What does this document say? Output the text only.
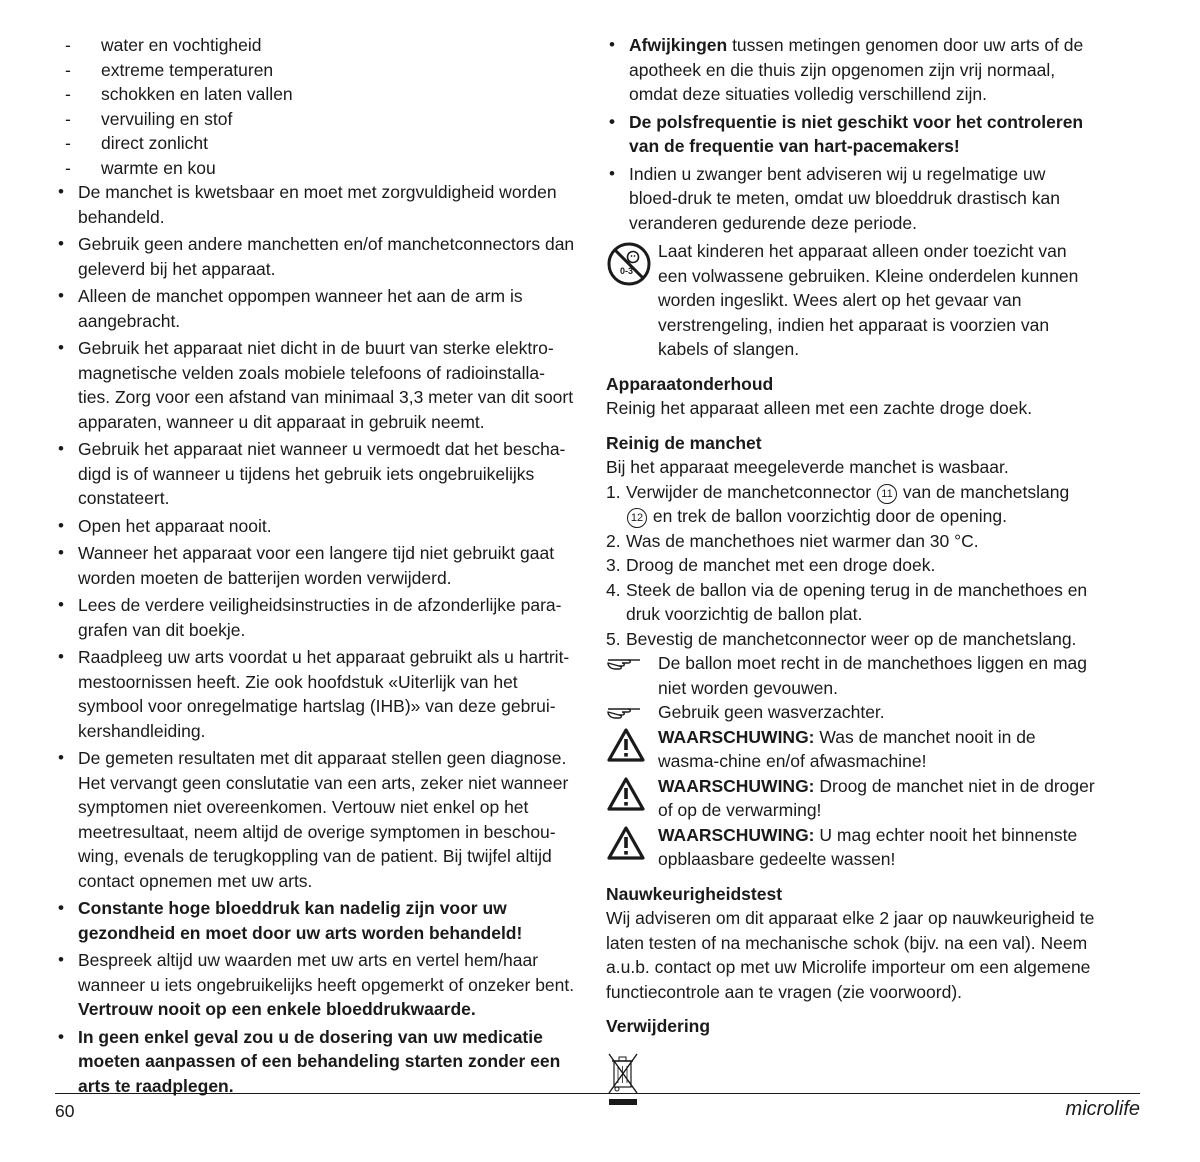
- water en vochtigheid
- extreme temperaturen
- schokken en laten vallen
- vervuiling en stof
- direct zonlicht
- warmte en kou
• De manchet is kwetsbaar en moet met zorgvuldigheid worden behandeld.
• Gebruik geen andere manchetten en/of manchetconnectors dan geleverd bij het apparaat.
• Alleen de manchet oppompen wanneer het aan de arm is aangebracht.
• Gebruik het apparaat niet dicht in de buurt van sterke elektro-magnetische velden zoals mobiele telefoons of radioinstalla-ties. Zorg voor een afstand van minimaal 3,3 meter van dit soort apparaten, wanneer u dit apparaat in gebruik neemt.
• Gebruik het apparaat niet wanneer u vermoedt dat het bescha-digd is of wanneer u tijdens het gebruik iets ongebruikelijks constateert.
• Open het apparaat nooit.
• Wanneer het apparaat voor een langere tijd niet gebruikt gaat worden moeten de batterijen worden verwijderd.
• Lees de verdere veiligheidsinstructies in de afzonderlijke para-grafen van dit boekje.
• Raadpleeg uw arts voordat u het apparaat gebruikt als u hartrit-mestoornissen heeft. Zie ook hoofdstuk «Uiterlijk van het symbool voor onregelmatige hartslag (IHB)» van deze gebrui-kershandleiding.
• De gemeten resultaten met dit apparaat stellen geen diagnose. Het vervangt geen conslutatie van een arts, zeker niet wanneer symptomen niet overeenkomen. Vertouw niet enkel op het meetresultaat, neem altijd de overige symptomen in beschou-wing, evenals de terugkoppling van de patient. Bij twijfel altijd contact opnemen met uw arts.
• Constante hoge bloeddruk kan nadelig zijn voor uw gezondheid en moet door uw arts worden behandeld!
• Bespreek altijd uw waarden met uw arts en vertel hem/haar wanneer u iets ongebruikelijks heeft opgemerkt of onzeker bent. Vertrouw nooit op een enkele bloeddrukwaarde.
• In geen enkel geval zou u de dosering van uw medicatie moeten aanpassen of een behandeling starten zonder een arts te raadplegen.
• Afwijkingen tussen metingen genomen door uw arts of de apotheek en die thuis zijn opgenomen zijn vrij normaal, omdat deze situaties volledig verschillend zijn.
• De polsfrequentie is niet geschikt voor het controleren van de frequentie van hart-pacemakers!
• Indien u zwanger bent adviseren wij u regelmatige uw bloed-druk te meten, omdat uw bloeddruk drastisch kan veranderen gedurende deze periode.
0-3

Laat kinderen het apparaat alleen onder toezicht van een volwassene gebruiken. Kleine onderdelen kunnen worden ingeslikt. Wees alert op het gevaar van verstrengeling, indien het apparaat is voorzien van kabels of slangen.

Apparaatonderhoud

Reinig het apparaat alleen met een zachte droge doek.

Reinig de manchet

Bij het apparaat meegeleverde manchet is wasbaar.

1. Verwijder de manchetconnector 11 van de manchetslang 12 en trek de ballon voorzichtig door de opening.
2. Was de manchethoes niet warmer dan 30 °C.
3. Droog de manchet met een droge doek.
4. Steek de ballon via de opening terug in de manchethoes en druk voorzichtig de ballon plat.
5. Bevestig de manchetconnector weer op de manchetslang.

De ballon moet recht in de manchethoes liggen en mag niet worden gevouwen.

Gebruik geen wasverzachter.

WAARSCHUWING: Was de manchet nooit in de wasma-chine en/of afwasmachine!

WAARSCHUWING: Droog de manchet niet in de droger of op de verwarming!

WAARSCHUWING: U mag echter nooit het binnenste opblaasbare gedeelte wassen!

Nauwkeurigheidstest

Wij adviseren om dit apparaat elke 2 jaar op nauwkeurigheid te laten testen of na mechanische schok (bijv. na een val). Neem a.u.b. contact op met uw Microlife importeur om een algemene functiecontrole aan te vragen (zie voorwoord).

Verwijdering
60	microlife
